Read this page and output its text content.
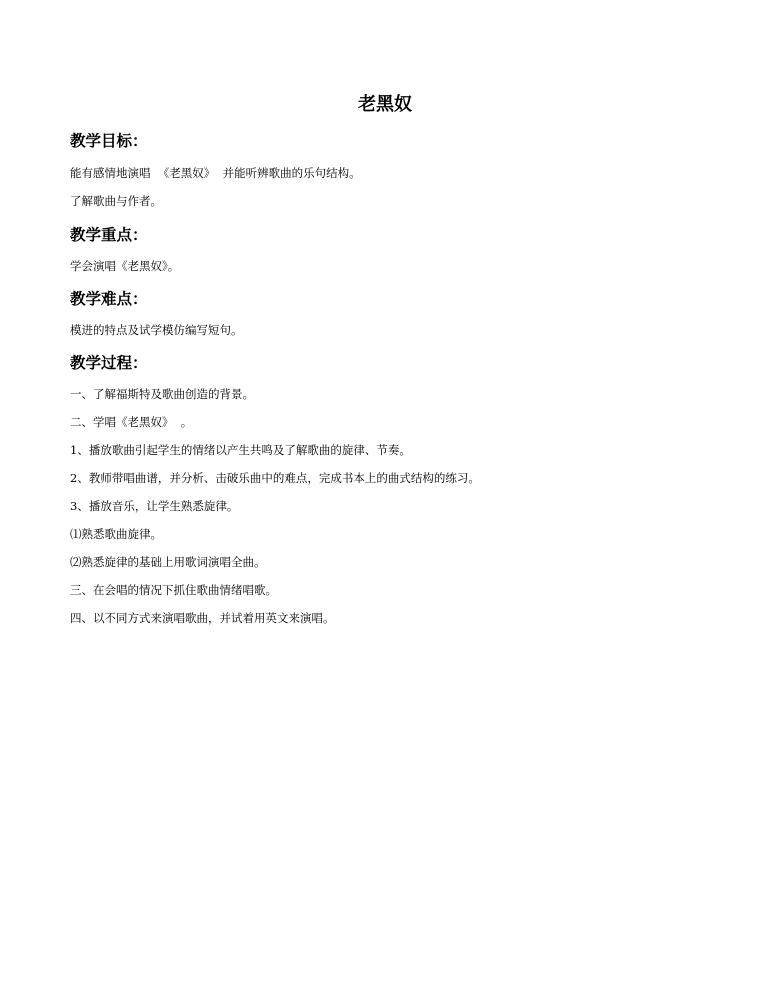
老黑奴
教学目标：

能有感情地演唱  《老黑奴》  并能听辨歌曲的乐句结构。

了解歌曲与作者。

教学重点：

学会演唱《老黑奴》。

教学难点：

模进的特点及试学模仿编写短句。

教学过程：

一、了解福斯特及歌曲创造的背景。

二、学唱《老黑奴》  。

1、播放歌曲引起学生的情绪以产生共鸣及了解歌曲的旋律、节奏。

2、教师带唱曲谱，并分析、击破乐曲中的难点，完成书本上的曲式结构的练习。

3、播放音乐，让学生熟悉旋律。

⑴熟悉歌曲旋律。

⑵熟悉旋律的基础上用歌词演唱全曲。

三、在会唱的情况下抓住歌曲情绪唱歌。

四、以不同方式来演唱歌曲，并试着用英文来演唱。
